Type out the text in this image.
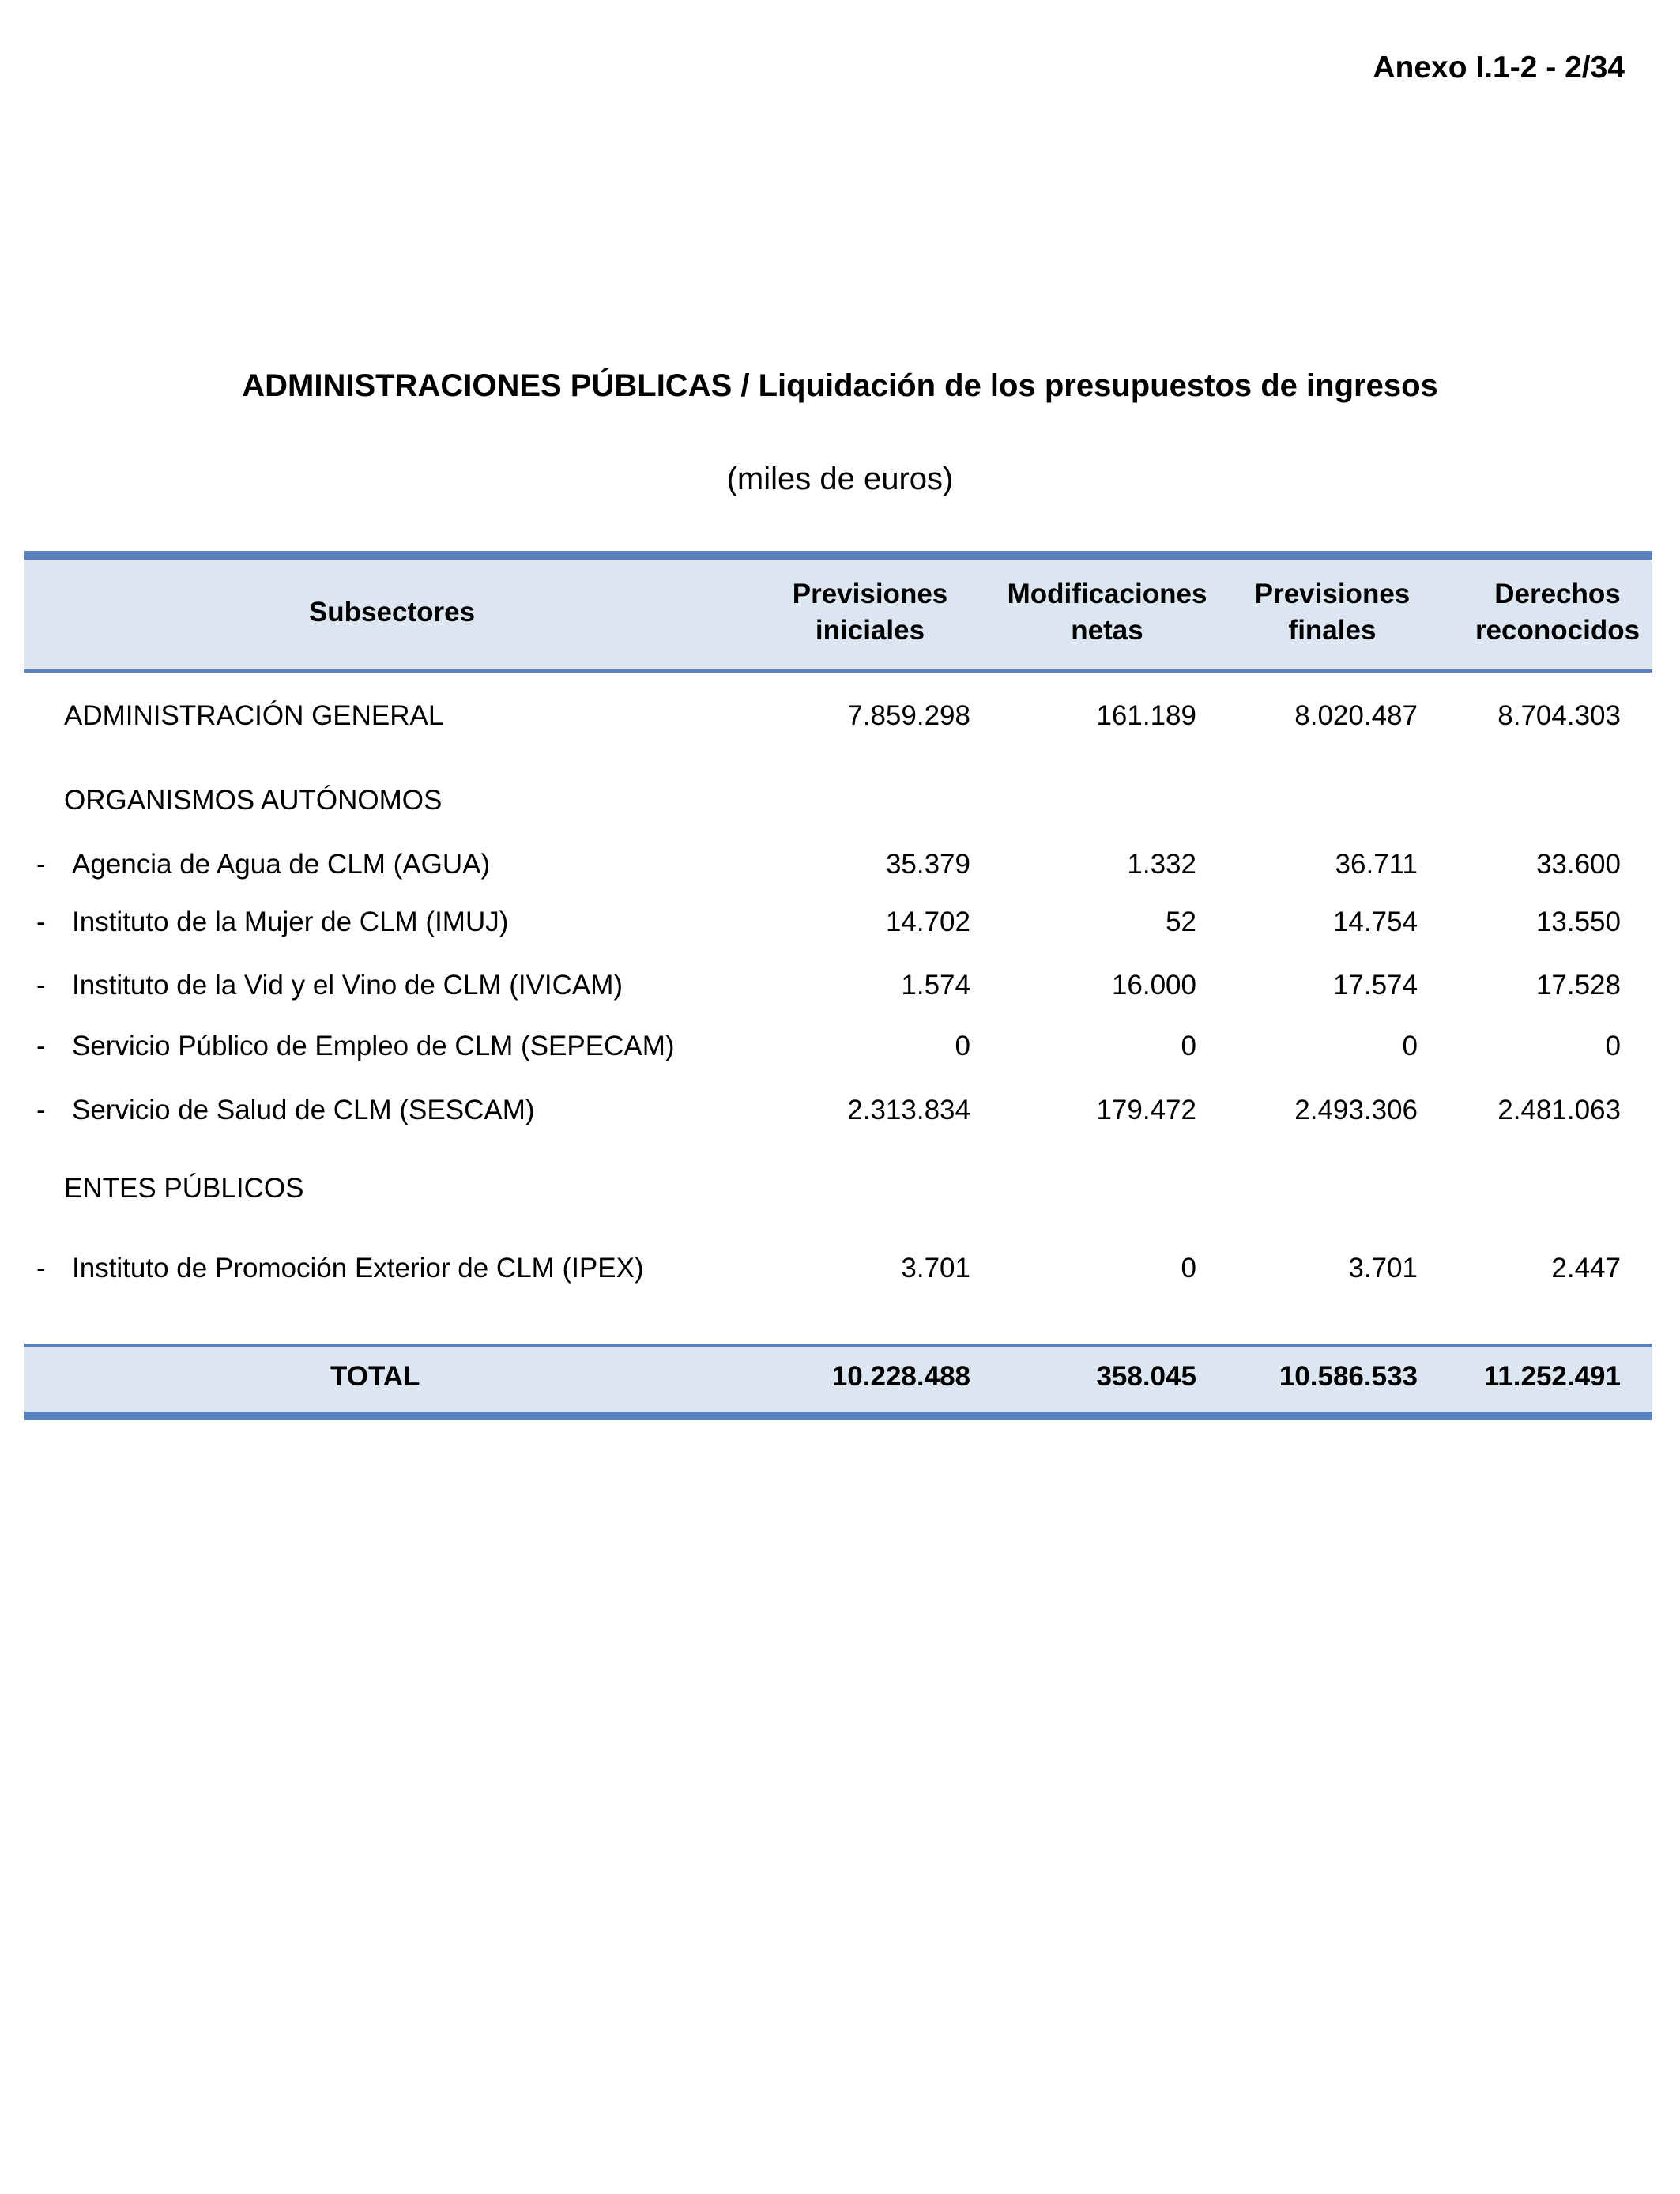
Anexo I.1-2 - 2/34
ADMINISTRACIONES PÚBLICAS / Liquidación de los presupuestos de ingresos
(miles de euros)
Subsectores
Previsiones
iniciales
Modificaciones
netas
Previsiones
finales
Derechos
reconocidos
ADMINISTRACIÓN GENERAL	7.859.298	161.189	8.020.487	8.704.303
ORGANISMOS AUTÓNOMOS
- Agencia de Agua de CLM (AGUA)	35.379	1.332	36.711	33.600
- Instituto de la Mujer de CLM (IMUJ)	14.702	52	14.754	13.550
- Instituto de la Vid y el Vino de CLM (IVICAM)	1.574	16.000	17.574	17.528
- Servicio Público de Empleo de CLM (SEPECAM)	0	0	0	0
- Servicio de Salud de CLM (SESCAM)	2.313.834	179.472	2.493.306	2.481.063
ENTES PÚBLICOS
- Instituto de Promoción Exterior de CLM (IPEX)	3.701	0	3.701	2.447
TOTAL	10.228.488	358.045	10.586.533 11.252.491
